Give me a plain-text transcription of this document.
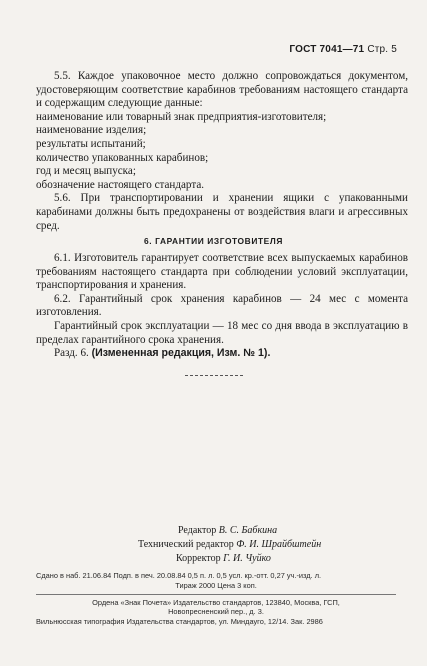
ГОСТ 7041—71 Стр. 5

5.5. Каждое упаковочное место должно сопровождаться документом, удостоверяющим соответствие карабинов требованиям настоящего стандарта и содержащим следующие данные:

наименование или товарный знак предприятия-изготовителя;

наименование изделия;

результаты испытаний;

количество упакованных карабинов;

год и месяц выпуска;

обозначение настоящего стандарта.

5.6. При транспортировании и хранении ящики с упакованными карабинами должны быть предохранены от воздействия влаги и агрессивных сред.

6. ГАРАНТИИ ИЗГОТОВИТЕЛЯ

6.1. Изготовитель гарантирует соответствие всех выпускаемых карабинов требованиям настоящего стандарта при соблюдении условий эксплуатации, транспортирования и хранения.

6.2. Гарантийный срок хранения карабинов — 24 мес с момента изготовления.

Гарантийный срок эксплуатации — 18 мес со дня ввода в эксплуатацию в пределах гарантийного срока хранения.

Разд. 6. (Измененная редакция, Изм. № 1).

Редактор В. С. Бабкина
Технический редактор Ф. И. Шрайбштейн
Корректор Г. И. Чуйко
Сдано в наб. 21.06.84 Подп. в печ. 20.08.84 0,5 п. л. 0,5 усл. кр.-отт. 0,27 уч.-изд. л.
Тираж 2000 Цена 3 коп.
Ордена «Знак Почета» Издательство стандартов, 123840, Москва, ГСП,
Новопресненский пер., д. 3.
Вильнюсская типография Издательства стандартов, ул. Миндауго, 12/14. Зак. 2986
